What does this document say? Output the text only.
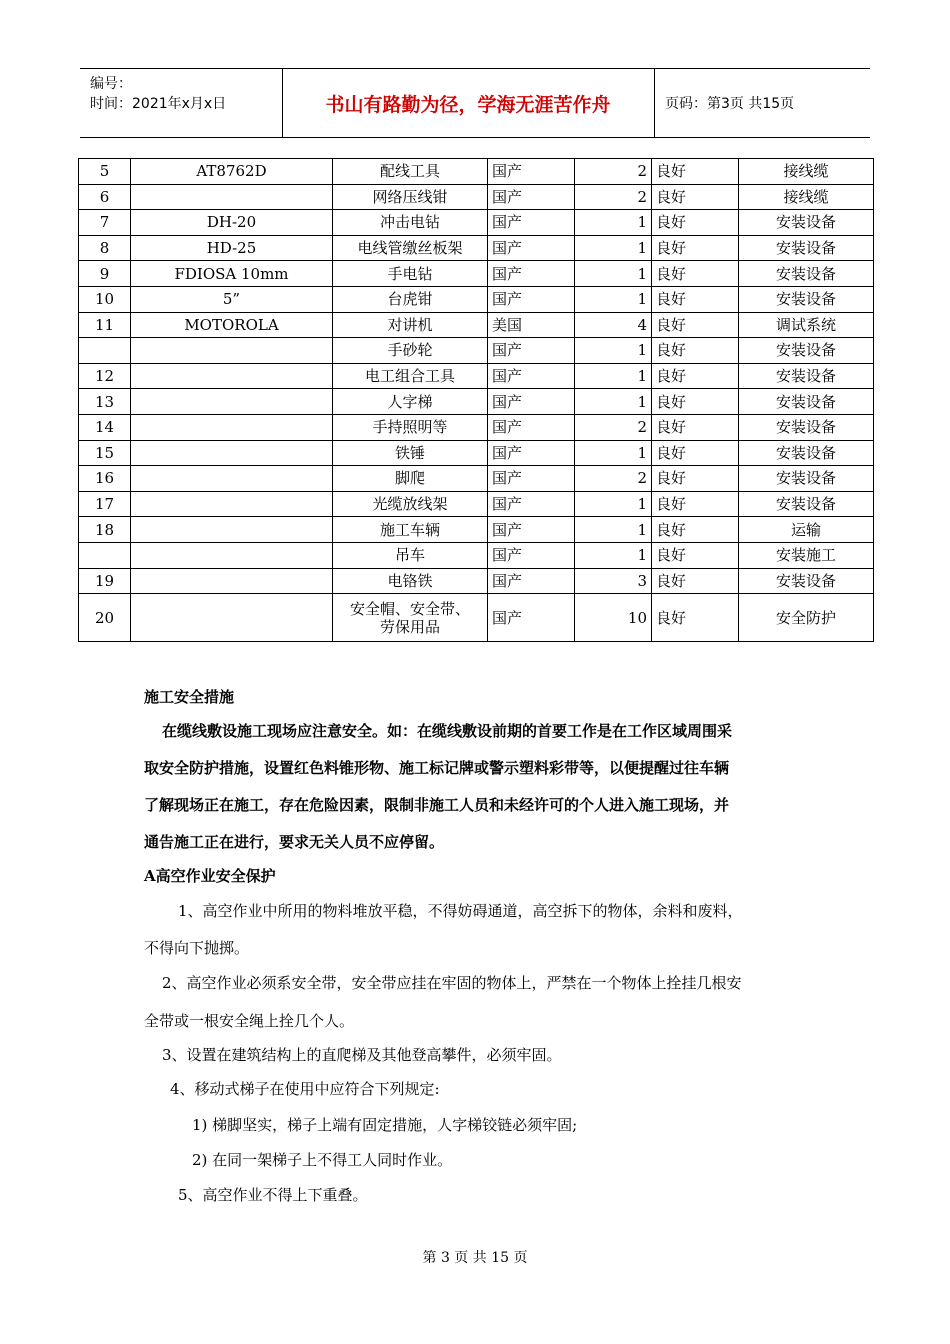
编号：
时间：2021年x月x日	书山有路勤为径，学海无涯苦作舟	页码：第3页 共15页
5	AT8762D	配线工具	国产	2	良好	接线缆
6		网络压线钳	国产	2	良好	接线缆
7	DH-20	冲击电钻	国产	1	良好	安装设备
8	HD-25	电线管缴丝板架	国产	1	良好	安装设备
9	FDIOSA 10mm	手电钻	国产	1	良好	安装设备
10	5”	台虎钳	国产	1	良好	安装设备
11	MOTOROLA	对讲机	美国	4	良好	调试系统
		手砂轮	国产	1	良好	安装设备
12		电工组合工具	国产	1	良好	安装设备
13		人字梯	国产	1	良好	安装设备
14		手持照明等	国产	2	良好	安装设备
15		铁锤	国产	1	良好	安装设备
16		脚爬	国产	2	良好	安装设备
17		光缆放线架	国产	1	良好	安装设备
18		施工车辆	国产	1	良好	运输
		吊车	国产	1	良好	安装施工
19		电铬铁	国产	3	良好	安装设备
20		安全帽、安全带、
劳保用品	国产	10	良好	安全防护
施工安全措施
在缆线敷设施工现场应注意安全。如：在缆线敷设前期的首要工作是在工作区域周围采
取安全防护措施，设置红色料锥形物、施工标记牌或警示塑料彩带等，以便提醒过往车辆
了解现场正在施工，存在危险因素，限制非施工人员和未经许可的个人进入施工现场，并
通告施工正在进行，要求无关人员不应停留。
A高空作业安全保护
1、高空作业中所用的物料堆放平稳，不得妨碍通道，高空拆下的物体，余料和废料，
不得向下抛掷。
2、高空作业必须系安全带，安全带应挂在牢固的物体上，严禁在一个物体上拴挂几根安
全带或一根安全绳上拴几个人。
3、设置在建筑结构上的直爬梯及其他登高攀件，必须牢固。
4、移动式梯子在使用中应符合下列规定:
1) 梯脚坚实，梯子上端有固定措施，人字梯铰链必须牢固;
2) 在同一架梯子上不得工人同时作业。
5、高空作业不得上下重叠。
第 3 页 共 15 页
